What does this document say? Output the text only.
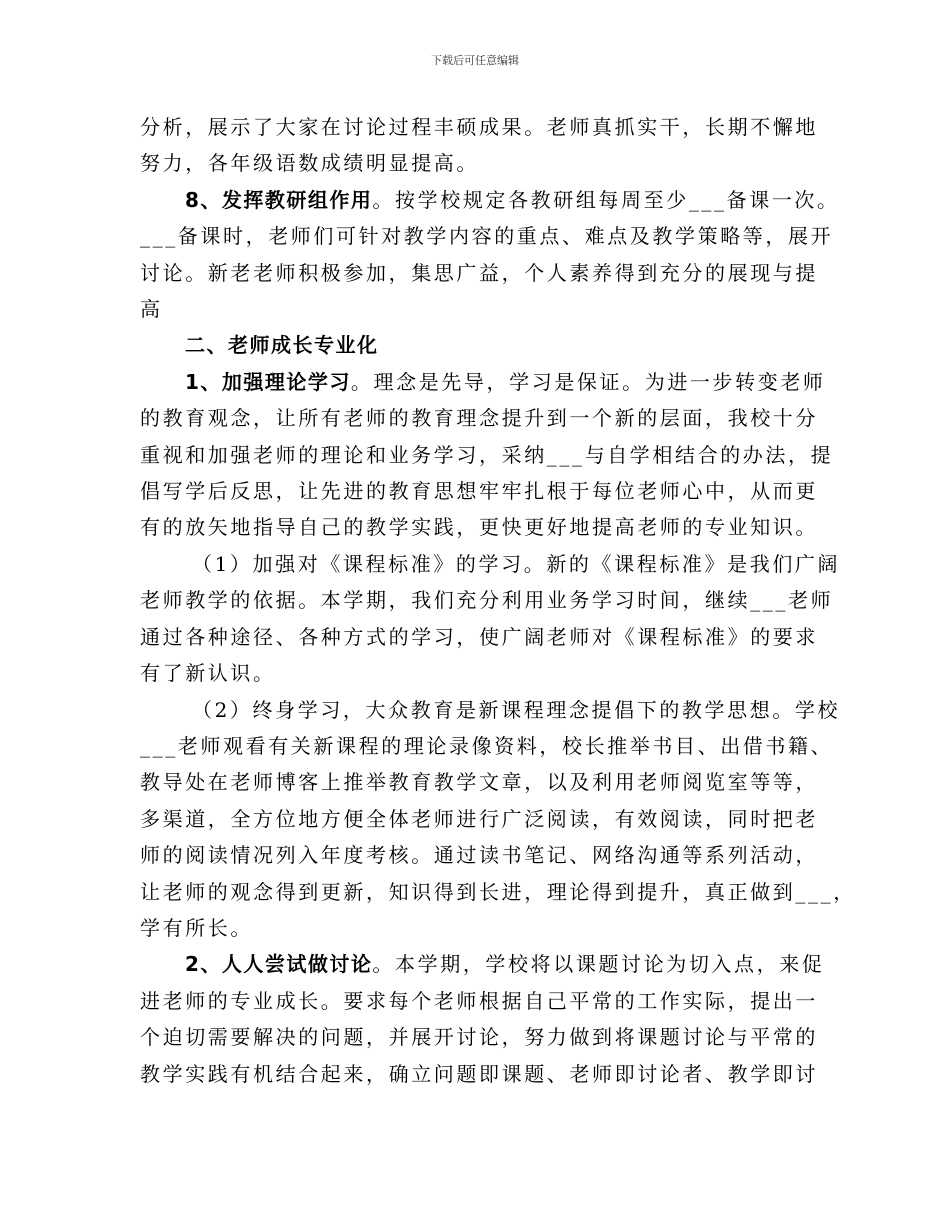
下载后可任意编辑
分析，展示了大家在讨论过程丰硕成果。老师真抓实干，长期不懈地
努力，各年级语数成绩明显提高。
8、发挥教研组作用。按学校规定各教研组每周至少___备课一次。
___备课时，老师们可针对教学内容的重点、难点及教学策略等，展开
讨论。新老老师积极参加，集思广益，个人素养得到充分的展现与提
高
二、老师成长专业化
1、加强理论学习。理念是先导，学习是保证。为进一步转变老师
的教育观念，让所有老师的教育理念提升到一个新的层面，我校十分
重视和加强老师的理论和业务学习，采纳___与自学相结合的办法，提
倡写学后反思，让先进的教育思想牢牢扎根于每位老师心中，从而更
有的放矢地指导自己的教学实践，更快更好地提高老师的专业知识。
（1）加强对《课程标准》的学习。新的《课程标准》是我们广阔
老师教学的依据。本学期，我们充分利用业务学习时间，继续___老师
通过各种途径、各种方式的学习，使广阔老师对《课程标准》的要求
有了新认识。
（2）终身学习，大众教育是新课程理念提倡下的教学思想。学校
___老师观看有关新课程的理论录像资料，校长推举书目、出借书籍、
教导处在老师博客上推举教育教学文章，以及利用老师阅览室等等，
多渠道，全方位地方便全体老师进行广泛阅读，有效阅读，同时把老
师的阅读情况列入年度考核。通过读书笔记、网络沟通等系列活动，
让老师的观念得到更新，知识得到长进，理论得到提升，真正做到___，
学有所长。
2、人人尝试做讨论。本学期，学校将以课题讨论为切入点，来促
进老师的专业成长。要求每个老师根据自己平常的工作实际，提出一
个迫切需要解决的问题，并展开讨论，努力做到将课题讨论与平常的
教学实践有机结合起来，确立问题即课题、老师即讨论者、教学即讨
